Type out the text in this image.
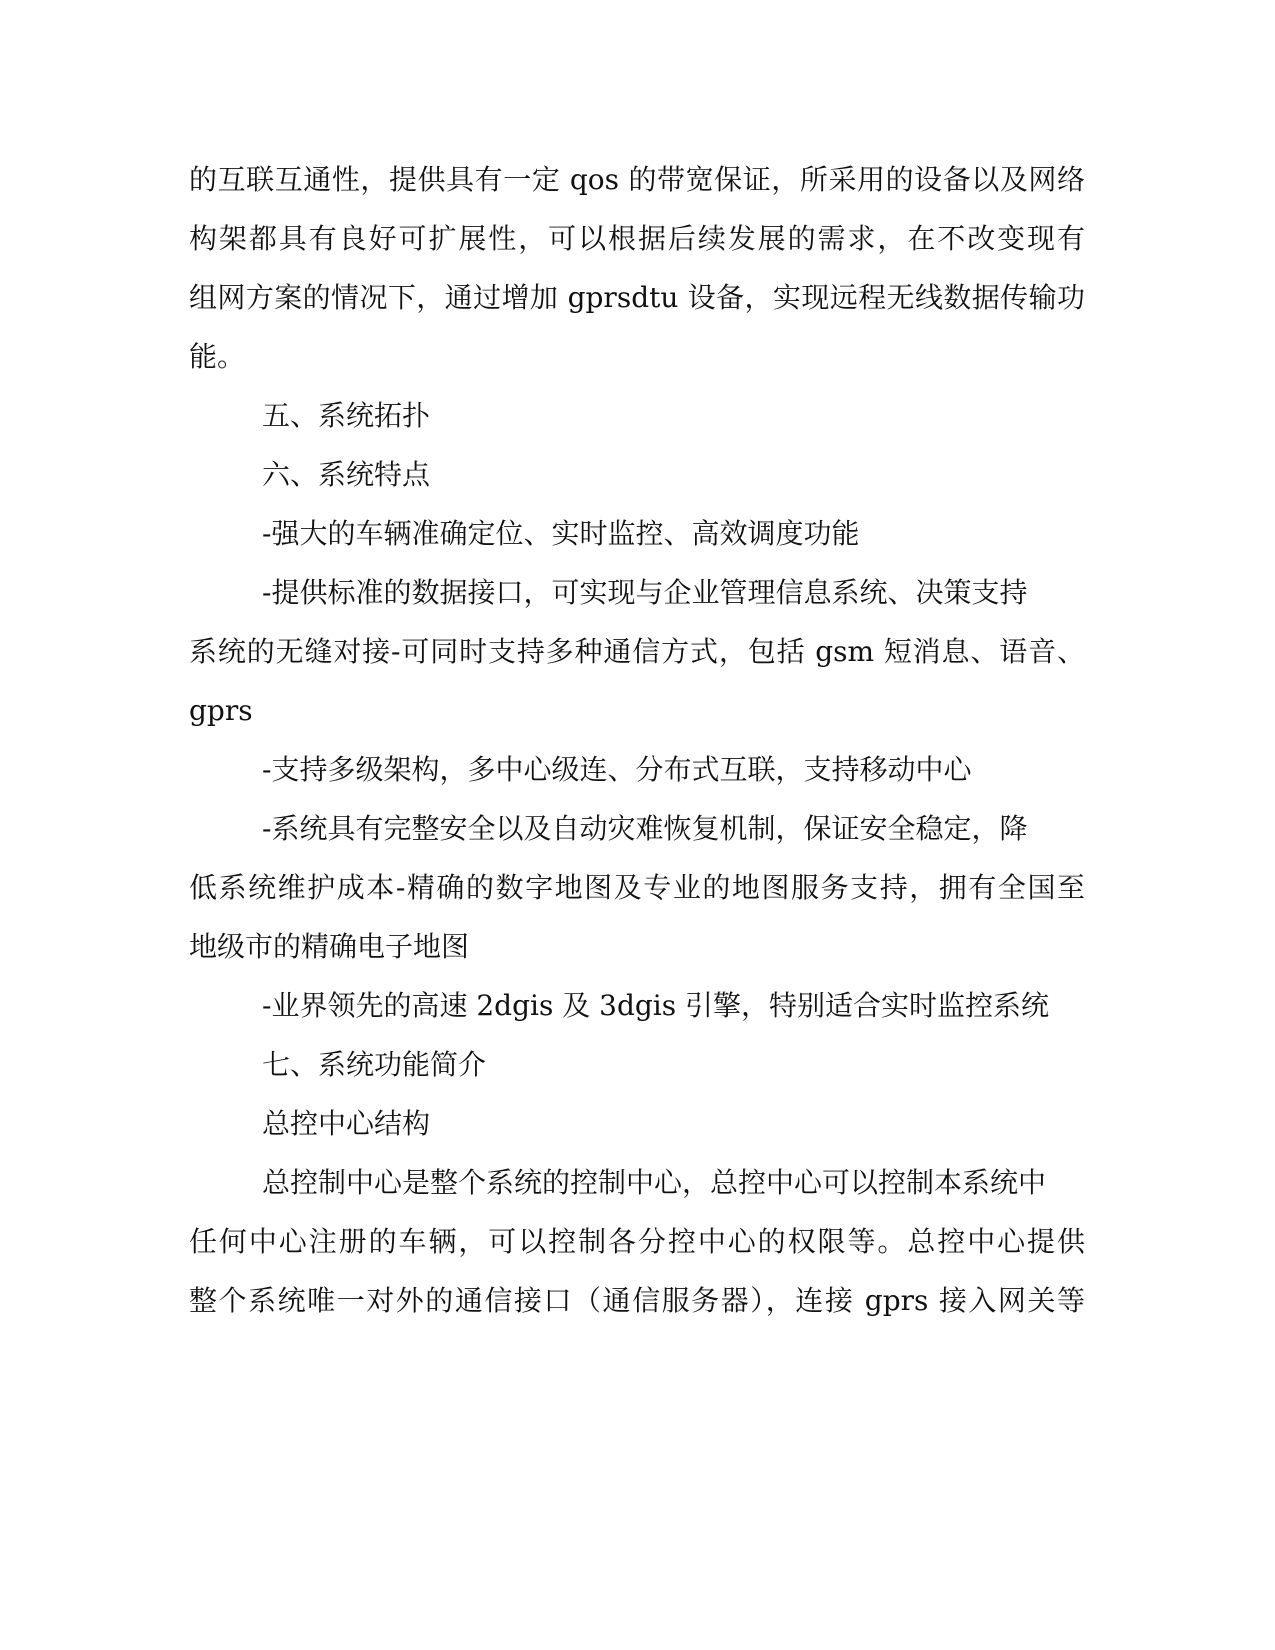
的互联互通性，提供具有一定 qos 的带宽保证，所采用的设备以及网络
构架都具有良好可扩展性，可以根据后续发展的需求，在不改变现有
组网方案的情况下，通过增加 gprsdtu 设备，实现远程无线数据传输功
能。
五、系统拓扑
六、系统特点
-强大的车辆准确定位、实时监控、高效调度功能
-提供标准的数据接口，可实现与企业管理信息系统、决策支持
系统的无缝对接-可同时支持多种通信方式，包括 gsm 短消息、语音、
gprs
-支持多级架构，多中心级连、分布式互联，支持移动中心
-系统具有完整安全以及自动灾难恢复机制，保证安全稳定，降
低系统维护成本-精确的数字地图及专业的地图服务支持，拥有全国至
地级市的精确电子地图
-业界领先的高速 2dgis 及 3dgis 引擎，特别适合实时监控系统
七、系统功能简介
总控中心结构
总控制中心是整个系统的控制中心，总控中心可以控制本系统中
任何中心注册的车辆，可以控制各分控中心的权限等。总控中心提供
整个系统唯一对外的通信接口（通信服务器），连接 gprs 接入网关等
